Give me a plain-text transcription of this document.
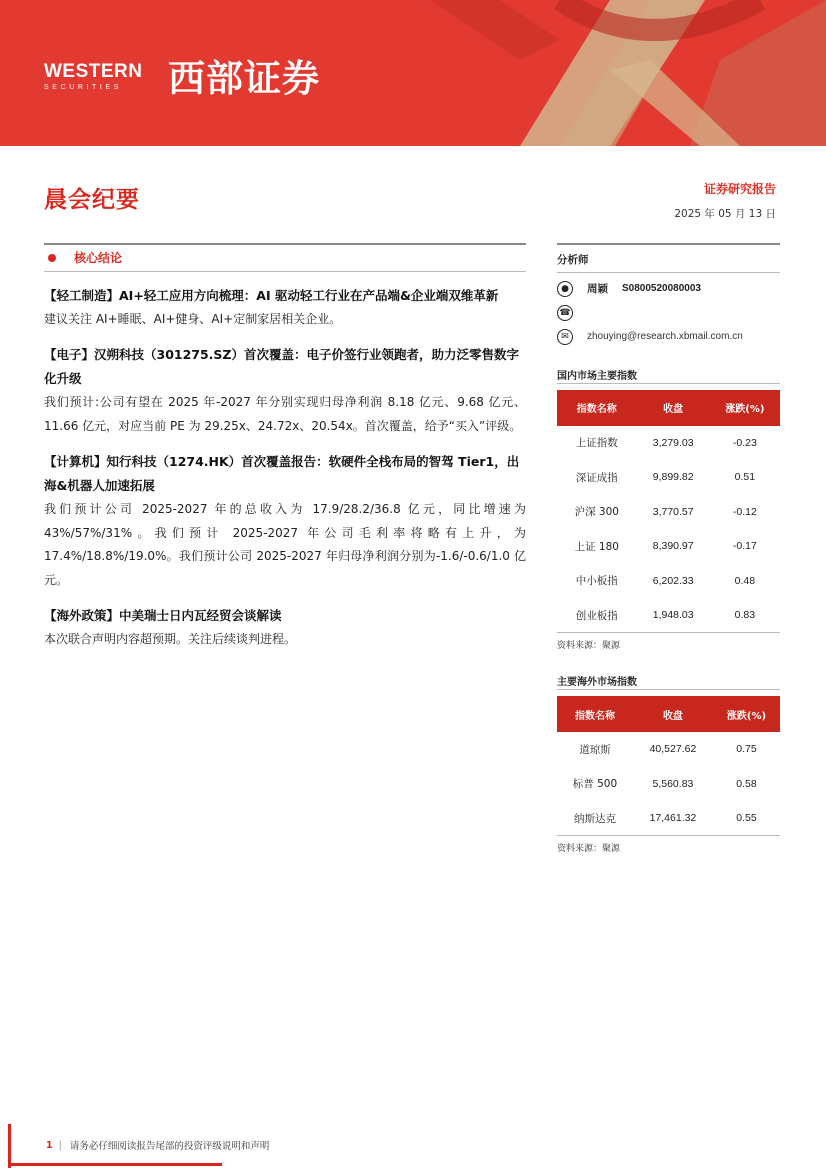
WESTERN
SECURITIES	西部证券
晨会纪要	证券研究报告
2025 年 05 月 13 日
核心结论
【轻工制造】AI+轻工应用方向梳理：AI 驱动轻工行业在产品端&企业端双维革新
建议关注 AI+睡眠、AI+健身、AI+定制家居相关企业。
【电子】汉朔科技（301275.SZ）首次覆盖：电子价签行业领跑者，助力泛零售数字化升级
我们预计:公司有望在 2025 年-2027 年分别实现归母净利润 8.18 亿元、9.68 亿元、11.66 亿元，对应当前 PE 为 29.25x、24.72x、20.54x。首次覆盖，给予“买入”评级。
【计算机】知行科技（1274.HK）首次覆盖报告：软硬件全栈布局的智驾 Tier1，出海&机器人加速拓展
我们预计公司 2025-2027 年的总收入为 17.9/28.2/36.8 亿元，同比增速为 43%/57%/31%。我们预计 2025-2027 年公司毛利率将略有上升，为 17.4%/18.8%/19.0%。我们预计公司 2025-2027 年归母净利润分别为-1.6/-0.6/1.0 亿元。
【海外政策】中美瑞士日内瓦经贸会谈解读
本次联合声明内容超预期。关注后续谈判进程。
分析师
●	周颖 S0800520080003
☎
✉	zhouying@research.xbmail.com.cn
国内市场主要指数
指数名称	收盘	涨跌(%)
上证指数	3,279.03	-0.23
深证成指	9,899.82	0.51
沪深 300	3,770.57	-0.12
上证 180	8,390.97	-0.17
中小板指	6,202.33	0.48
创业板指	1,948.03	0.83
资料来源：聚源
主要海外市场指数
指数名称	收盘	涨跌(%)
道琼斯	40,527.62	0.75
标普 500	5,560.83	0.58
纳斯达克	17,461.32	0.55
资料来源：聚源
1 | 请务必仔细阅读报告尾部的投资评级说明和声明
